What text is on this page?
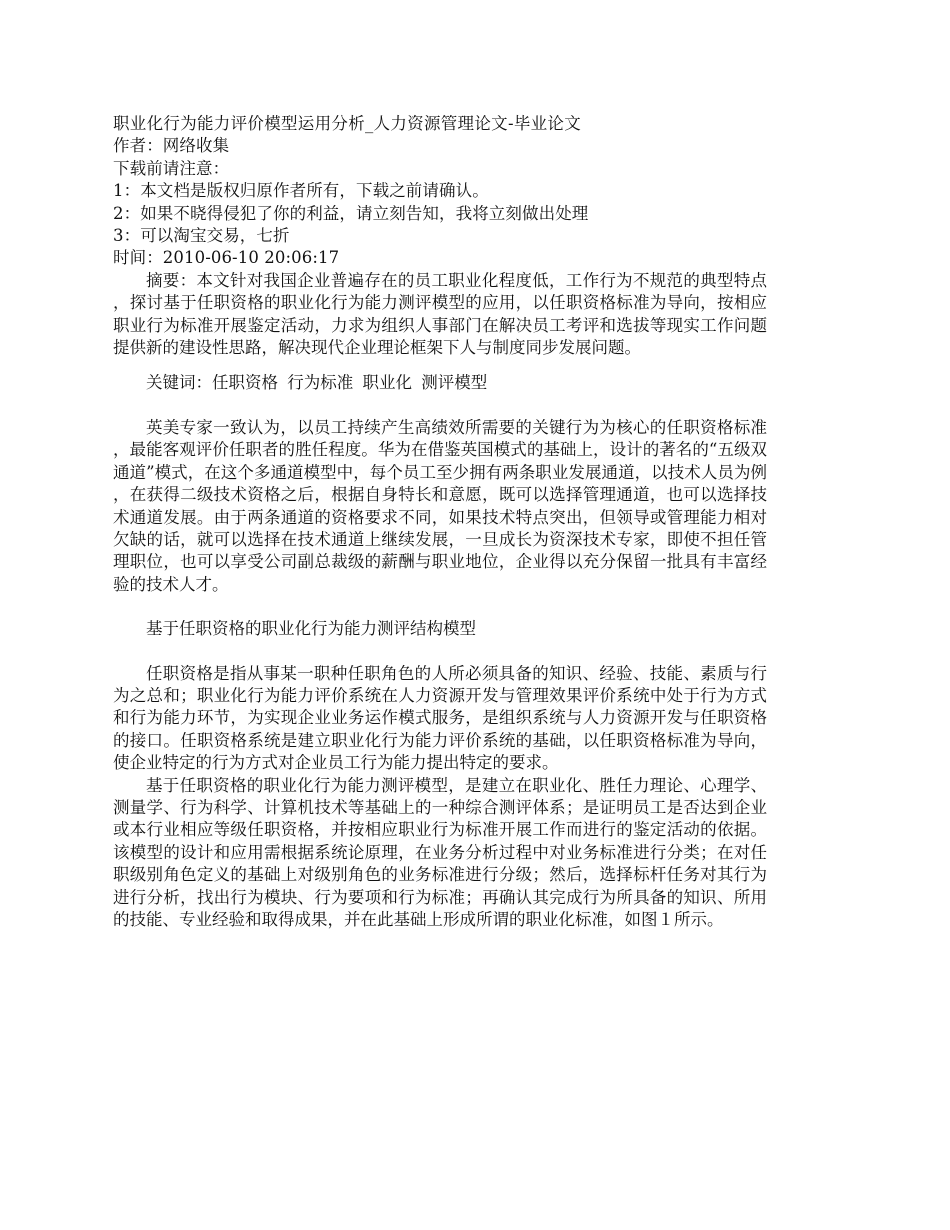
职业化行为能力评价模型运用分析_人力资源管理论文-毕业论文
作者：网络收集
下载前请注意：
1：本文档是版权归原作者所有，下载之前请确认。
2：如果不晓得侵犯了你的利益，请立刻告知，我将立刻做出处理
3：可以淘宝交易，七折
时间：2010-06-10 20:06:17

摘要：本文针对我国企业普遍存在的员工职业化程度低，工作行为不规范的典型特点，探讨基于任职资格的职业化行为能力测评模型的应用，以任职资格标准为导向，按相应职业行为标准开展鉴定活动，力求为组织人事部门在解决员工考评和选拔等现实工作问题提供新的建设性思路，解决现代企业理论框架下人与制度同步发展问题。

关键词：任职资格 行为标准 职业化 测评模型

英美专家一致认为，以员工持续产生高绩效所需要的关键行为为核心的任职资格标准，最能客观评价任职者的胜任程度。华为在借鉴英国模式的基础上，设计的著名的“五级双通道”模式，在这个多通道模型中，每个员工至少拥有两条职业发展通道，以技术人员为例，在获得二级技术资格之后，根据自身特长和意愿，既可以选择管理通道，也可以选择技术通道发展。由于两条通道的资格要求不同，如果技术特点突出，但领导或管理能力相对欠缺的话，就可以选择在技术通道上继续发展，一旦成长为资深技术专家，即使不担任管理职位，也可以享受公司副总裁级的薪酬与职业地位，企业得以充分保留一批具有丰富经验的技术人才。

基于任职资格的职业化行为能力测评结构模型

任职资格是指从事某一职种任职角色的人所必须具备的知识、经验、技能、素质与行为之总和；职业化行为能力评价系统在人力资源开发与管理效果评价系统中处于行为方式和行为能力环节，为实现企业业务运作模式服务，是组织系统与人力资源开发与任职资格的接口。任职资格系统是建立职业化行为能力评价系统的基础，以任职资格标准为导向，使企业特定的行为方式对企业员工行为能力提出特定的要求。

基于任职资格的职业化行为能力测评模型，是建立在职业化、胜任力理论、心理学、测量学、行为科学、计算机技术等基础上的一种综合测评体系；是证明员工是否达到企业或本行业相应等级任职资格，并按相应职业行为标准开展工作而进行的鉴定活动的依据。该模型的设计和应用需根据系统论原理，在业务分析过程中对业务标准进行分类；在对任职级别角色定义的基础上对级别角色的业务标准进行分级；然后，选择标杆任务对其行为进行分析，找出行为模块、行为要项和行为标准；再确认其完成行为所具备的知识、所用的技能、专业经验和取得成果，并在此基础上形成所谓的职业化标准，如图１所示。
